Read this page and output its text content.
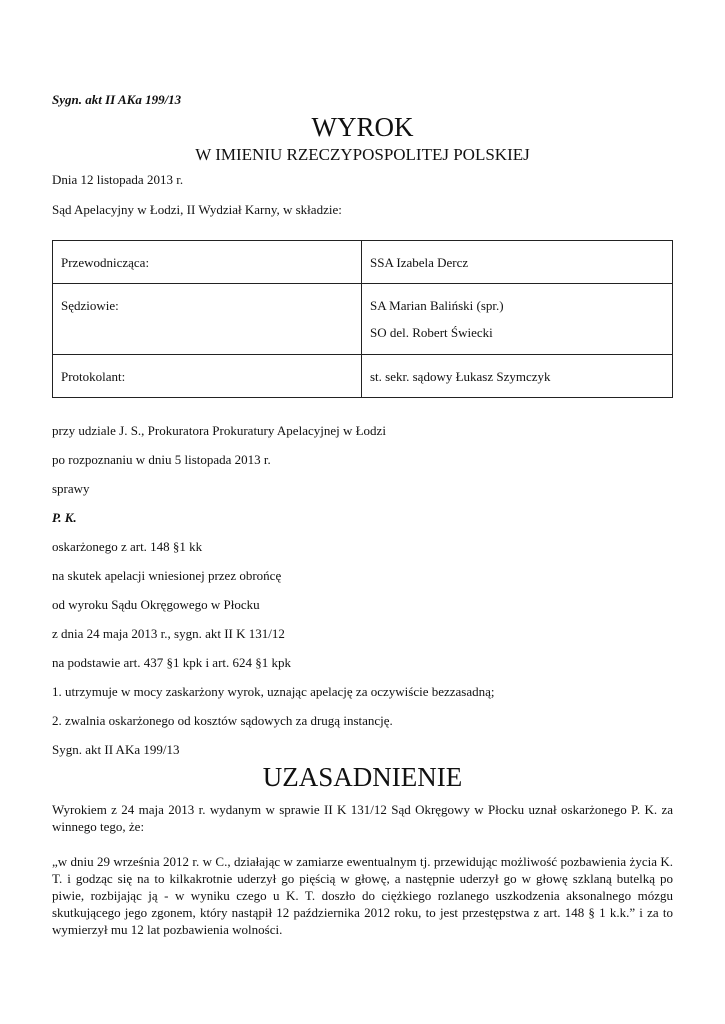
Sygn. akt II AKa 199/13
WYROK
W IMIENIU RZECZYPOSPOLITEJ POLSKIEJ
Dnia 12 listopada 2013 r.
Sąd Apelacyjny w Łodzi, II Wydział Karny, w składzie:
Przewodnicząca:	SSA Izabela Dercz

Sędziowie:	SA Marian Baliński (spr.)
SO del. Robert Świecki

Protokolant:	st. sekr. sądowy Łukasz Szymczyk
przy udziale J. S., Prokuratora Prokuratury Apelacyjnej w Łodzi
po rozpoznaniu w dniu 5 listopada 2013 r.
sprawy
P. K.
oskarżonego z art. 148 §1 kk
na skutek apelacji wniesionej przez obrońcę
od wyroku Sądu Okręgowego w Płocku
z dnia 24 maja 2013 r., sygn. akt II K 131/12
na podstawie art. 437 §1 kpk i art. 624 §1 kpk
1. utrzymuje w mocy zaskarżony wyrok, uznając apelację za oczywiście bezzasadną;
2. zwalnia oskarżonego od kosztów sądowych za drugą instancję.
Sygn. akt II AKa 199/13
UZASADNIENIE
Wyrokiem z 24 maja 2013 r. wydanym w sprawie II K 131/12 Sąd Okręgowy w Płocku uznał oskarżonego P. K. za winnego tego, że:
„w dniu 29 września 2012 r. w C., działając w zamiarze ewentualnym tj. przewidując możliwość pozbawienia życia K. T. i godząc się na to kilkakrotnie uderzył go pięścią w głowę, a następnie uderzył go w głowę szklaną butelką po piwie, rozbijając ją - w wyniku czego u K. T. doszło do ciężkiego rozlanego uszkodzenia aksonalnego mózgu skutkującego jego zgonem, który nastąpił 12 października 2012 roku, to jest przestępstwa z art. 148 § 1 k.k.” i za to wymierzył mu 12 lat pozbawienia wolności.
